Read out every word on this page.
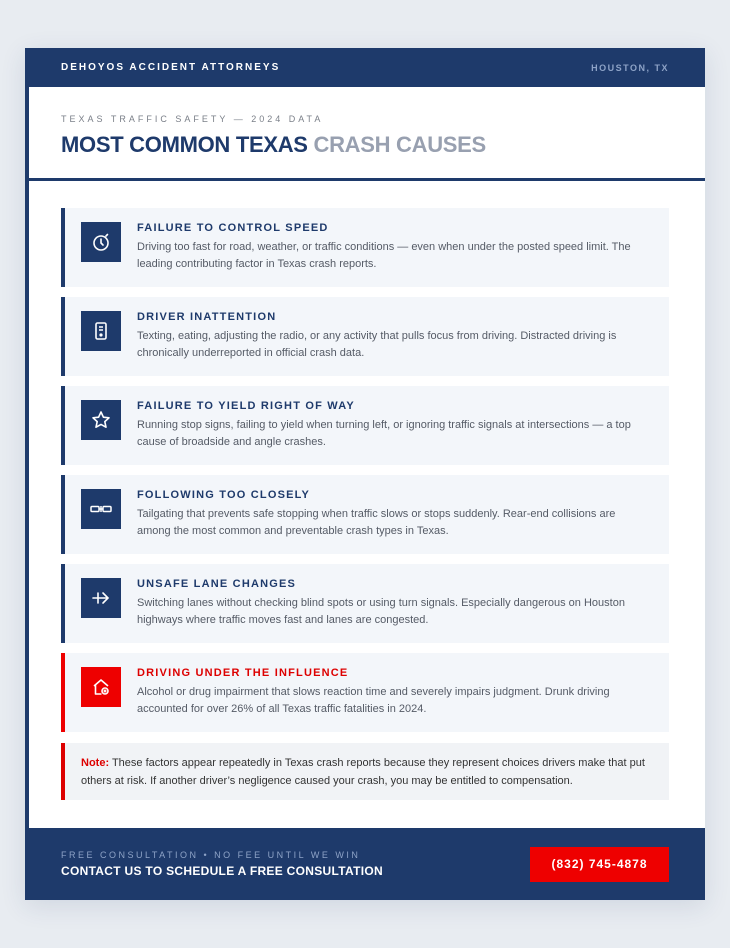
DEHOYOS ACCIDENT ATTORNEYS	HOUSTON, TX
TEXAS TRAFFIC SAFETY — 2024 DATA
MOST COMMON TEXAS CRASH CAUSES
FAILURE TO CONTROL SPEED
Driving too fast for road, weather, or traffic conditions — even when under the posted speed limit. The leading contributing factor in Texas crash reports.
DRIVER INATTENTION
Texting, eating, adjusting the radio, or any activity that pulls focus from driving. Distracted driving is chronically underreported in official crash data.
FAILURE TO YIELD RIGHT OF WAY
Running stop signs, failing to yield when turning left, or ignoring traffic signals at intersections — a top cause of broadside and angle crashes.
FOLLOWING TOO CLOSELY
Tailgating that prevents safe stopping when traffic slows or stops suddenly. Rear-end collisions are among the most common and preventable crash types in Texas.
UNSAFE LANE CHANGES
Switching lanes without checking blind spots or using turn signals. Especially dangerous on Houston highways where traffic moves fast and lanes are congested.
DRIVING UNDER THE INFLUENCE
Alcohol or drug impairment that slows reaction time and severely impairs judgment. Drunk driving accounted for over 26% of all Texas traffic fatalities in 2024.
Note: These factors appear repeatedly in Texas crash reports because they represent choices drivers make that put others at risk. If another driver’s negligence caused your crash, you may be entitled to compensation.
FREE CONSULTATION • NO FEE UNTIL WE WIN
CONTACT US TO SCHEDULE A FREE CONSULTATION	(832) 745-4878
